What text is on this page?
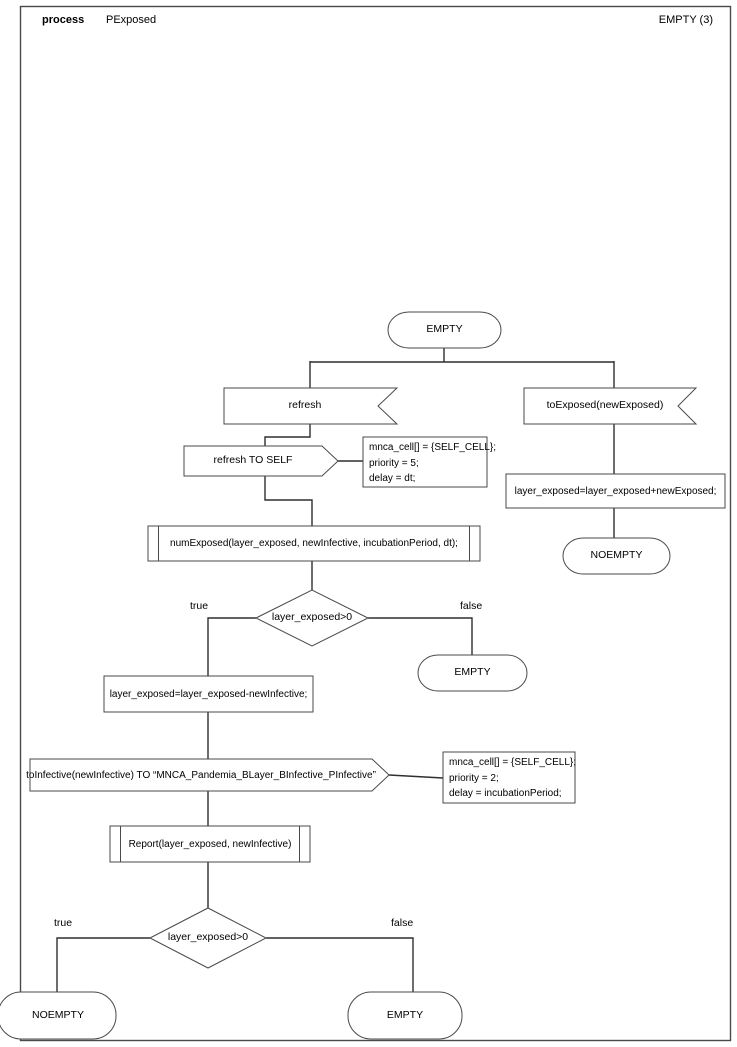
process PExposed	EMPTY (3)
EMPTY
refresh	toExposed(newExposed)
refresh TO SELF
mnca_cell[] = {SELF_CELL};
priority = 5;
delay = dt;
layer_exposed=layer_exposed+newExposed;
NOEMPTY
numExposed(layer_exposed, newInfective, incubationPeriod, dt);
layer_exposed>0
true	false
EMPTY
layer_exposed=layer_exposed-newInfective;
toInfective(newInfective) TO “MNCA_Pandemia_BLayer_BInfective_PInfective”
mnca_cell[] = {SELF_CELL};
priority = 2;
delay = incubationPeriod;
Report(layer_exposed, newInfective)
layer_exposed>0
true	false
NOEMPTY	EMPTY
